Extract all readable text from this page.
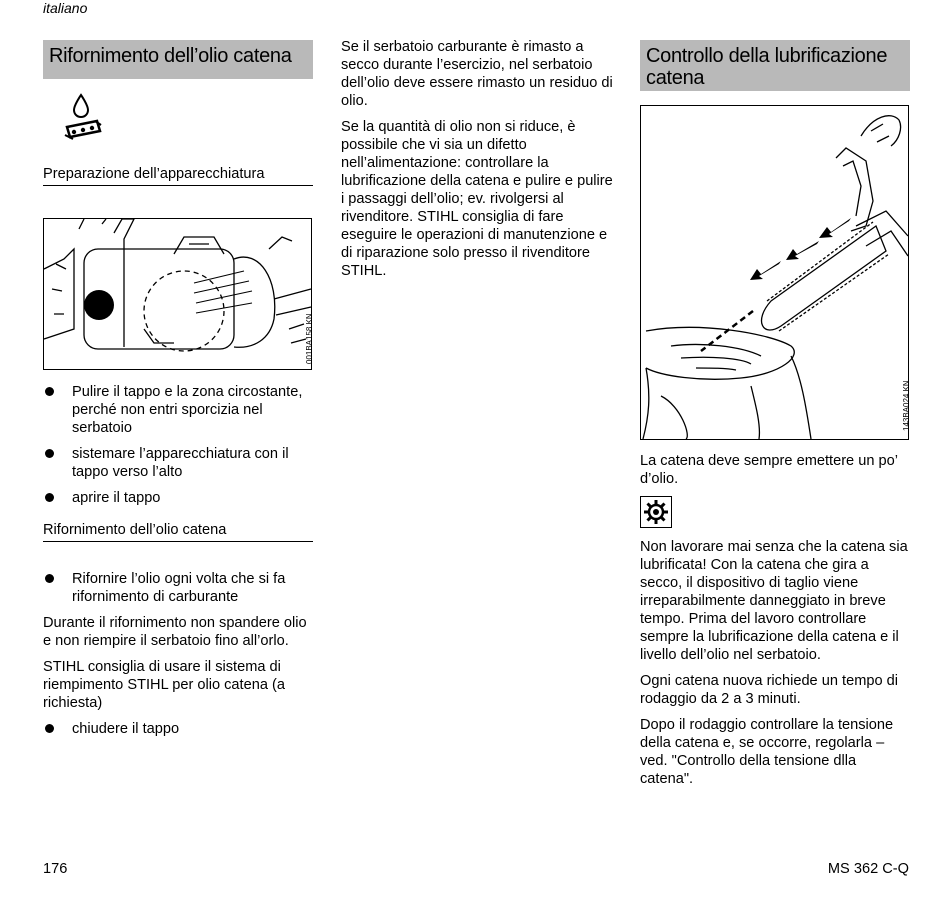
italiano
Rifornimento dell’olio catena
Preparazione dell’apparecchiatura
001BA158 KN
Pulire il tappo e la zona circostante, perché non entri sporcizia nel serbatoio
sistemare l’apparecchiatura con il tappo verso l’alto
aprire il tappo
Rifornimento dell’olio catena
Rifornire l’olio ogni volta che si fa rifornimento di carburante

Durante il rifornimento non spandere olio e non riempire il serbatoio fino all’orlo.

STIHL consiglia di usare il sistema di riempimento STIHL per olio catena (a richiesta)

chiudere il tappo

Se il serbatoio carburante è rimasto a secco durante l’esercizio, nel serbatoio dell’olio deve essere rimasto un residuo di olio.

Se la quantità di olio non si riduce, è possibile che vi sia un difetto nell’alimentazione: controllare la lubrificazione della catena e pulire e pulire i passaggi dell’olio; ev. rivolgersi al rivenditore. STIHL consiglia di fare eseguire le operazioni di manutenzione e di riparazione solo presso il rivenditore STIHL.

Controllo della lubrificazione catena
143BA024 KN

La catena deve sempre emettere un po’ d’olio.

Non lavorare mai senza che la catena sia lubrificata! Con la catena che gira a secco, il dispositivo di taglio viene irreparabilmente danneggiato in breve tempo. Prima del lavoro controllare sempre la lubrificazione della catena e il livello dell’olio nel serbatoio.

Ogni catena nuova richiede un tempo di rodaggio da 2 a 3 minuti.

Dopo il rodaggio controllare la tensione della catena e, se occorre, regolarla – ved. "Controllo della tensione dlla catena".

176	MS 362 C-Q
